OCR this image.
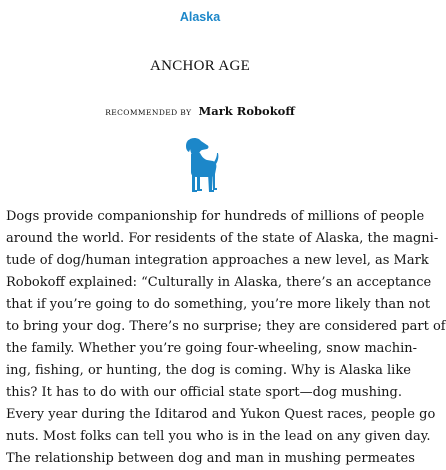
Alaska
ANCHOR AGE
RECOMMENDED BY Mark Robokoff
Dogs provide companionship for hundreds of millions of people
around the world. For residents of the state of Alaska, the magni-
tude of dog/human integration approaches a new level, as Mark
Robokoff explained: “Culturally in Alaska, there’s an acceptance
that if you’re going to do something, you’re more likely than not
to bring your dog. There’s no surprise; they are considered part of
the family. Whether you’re going four-wheeling, snow machin-
ing, fishing, or hunting, the dog is coming. Why is Alaska like
this? It has to do with our official state sport—dog mushing.
Every year during the Iditarod and Yukon Quest races, people go
nuts. Most folks can tell you who is in the lead on any given day.
The relationship between dog and man in mushing permeates
